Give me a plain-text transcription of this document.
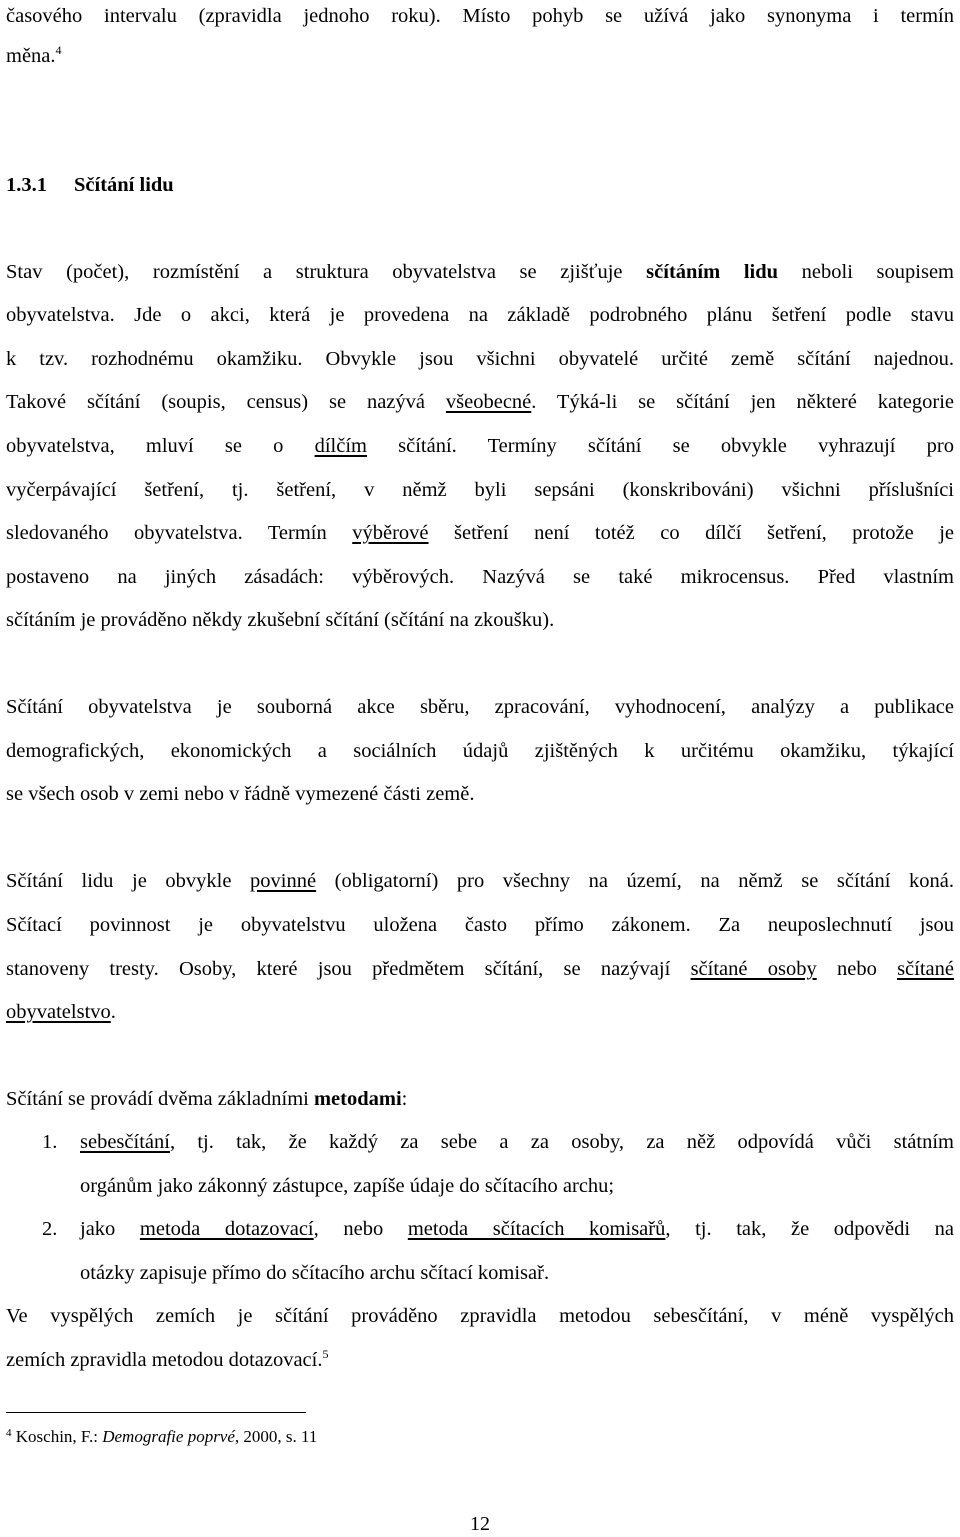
časového intervalu (zpravidla jednoho roku). Místo pohyb se užívá jako synonyma i termín
měna.$^4$
1.3.1 Sčítání lidu
Stav (počet), rozmístění a struktura obyvatelstva se zjišťuje sčítáním lidu neboli soupisem
obyvatelstva. Jde o akci, která je provedena na základě podrobného plánu šetření podle stavu
k tzv. rozhodnému okamžiku. Obvykle jsou všichni obyvatelé určité země sčítání najednou.
Takové sčítání (soupis, census) se nazývá všeobecné. Týká-li se sčítání jen některé kategorie
obyvatelstva, mluví se o dílčím sčítání. Termíny sčítání se obvykle vyhrazují pro
vyčerpávající šetření, tj. šetření, v němž byli sepsáni (konskribováni) všichni příslušníci
sledovaného obyvatelstva. Termín výběrové šetření není totéž co dílčí šetření, protože je
postaveno na jiných zásadách: výběrových. Nazývá se také mikrocensus. Před vlastním
sčítáním je prováděno někdy zkušební sčítání (sčítání na zkoušku).
Sčítání obyvatelstva je souborná akce sběru, zpracování, vyhodnocení, analýzy a publikace
demografických, ekonomických a sociálních údajů zjištěných k určitému okamžiku, týkající
se všech osob v zemi nebo v řádně vymezené části země.
Sčítání lidu je obvykle povinné (obligatorní) pro všechny na území, na němž se sčítání koná.
Sčítací povinnost je obyvatelstvu uložena často přímo zákonem. Za neuposlechnutí jsou
stanoveny tresty. Osoby, které jsou předmětem sčítání, se nazývají sčítané osoby nebo sčítané
obyvatelstvo.
Sčítání se provádí dvěma základními metodami:
1. sebesčítání, tj. tak, že každý za sebe a za osoby, za něž odpovídá vůči státním
orgánům jako zákonný zástupce, zapíše údaje do sčítacího archu;
2. jako metoda dotazovací, nebo metoda sčítacích komisařů, tj. tak, že odpovědi na
otázky zapisuje přímo do sčítacího archu sčítací komisař.
Ve vyspělých zemích je sčítání prováděno zpravidla metodou sebesčítání, v méně vyspělých
zemích zpravidla metodou dotazovací.$^5$
$^4$ Koschin, F.: Demografie poprvé, 2000, s. 11
12
